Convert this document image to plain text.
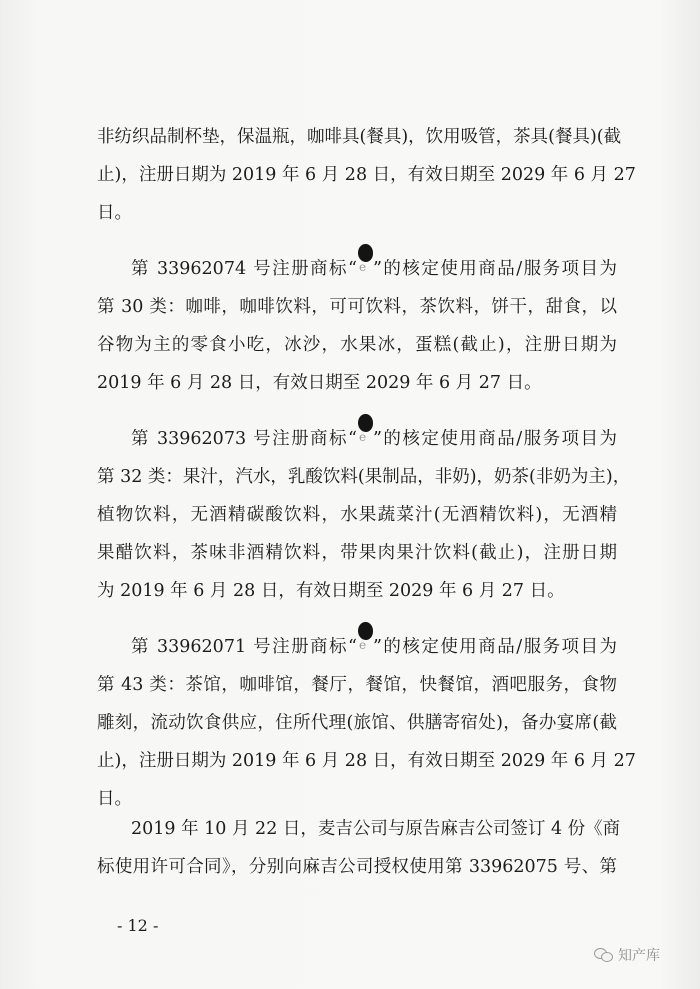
非纺织品制杯垫，保温瓶，咖啡具(餐具)，饮用吸管，茶具(餐具)(截
止)，注册日期为 2019 年 6 月 28 日，有效日期至 2029 年 6 月 27
日。
第 33962074 号注册商标“ e ”的核定使用商品/服务项目为
第 30 类：咖啡，咖啡饮料，可可饮料，茶饮料，饼干，甜食，以
谷物为主的零食小吃，冰沙，水果冰，蛋糕(截止)，注册日期为
2019 年 6 月 28 日，有效日期至 2029 年 6 月 27 日。
第 33962073 号注册商标“ e ”的核定使用商品/服务项目为
第 32 类：果汁，汽水，乳酸饮料(果制品，非奶)，奶茶(非奶为主)，
植物饮料，无酒精碳酸饮料，水果蔬菜汁(无酒精饮料)，无酒精
果醋饮料，茶味非酒精饮料，带果肉果汁饮料(截止)，注册日期
为 2019 年 6 月 28 日，有效日期至 2029 年 6 月 27 日。
第 33962071 号注册商标“ e ”的核定使用商品/服务项目为
第 43 类：茶馆，咖啡馆，餐厅，餐馆，快餐馆，酒吧服务，食物
雕刻，流动饮食供应，住所代理(旅馆、供膳寄宿处)，备办宴席(截
止)，注册日期为 2019 年 6 月 28 日，有效日期至 2029 年 6 月 27
日。
2019 年 10 月 22 日，麦吉公司与原告麻吉公司签订 4 份《商
标使用许可合同》，分别向麻吉公司授权使用第 33962075 号、第
- 12 -
知产库
